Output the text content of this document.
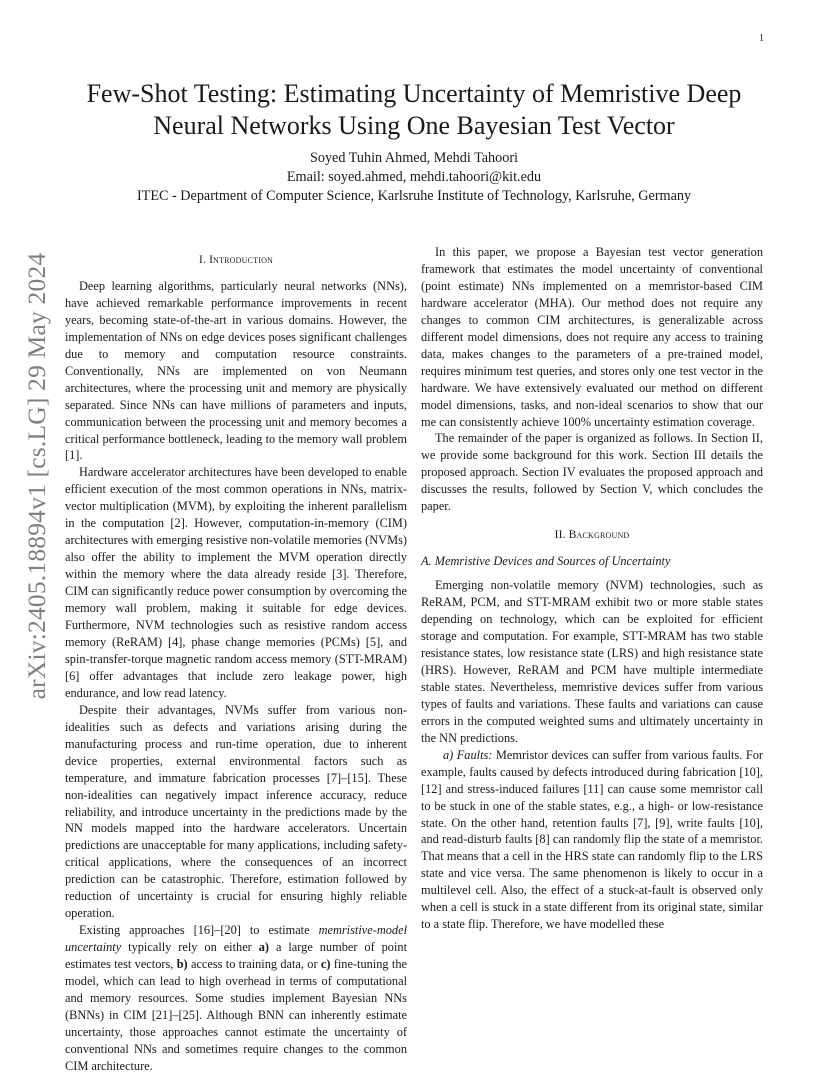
1
arXiv:2405.18894v1 [cs.LG] 29 May 2024
Few-Shot Testing: Estimating Uncertainty of Memristive Deep
Neural Networks Using One Bayesian Test Vector
Soyed Tuhin Ahmed, Mehdi Tahoori
Email: soyed.ahmed, mehdi.tahoori@kit.edu
ITEC - Department of Computer Science, Karlsruhe Institute of Technology, Karlsruhe, Germany
I. Introduction

Deep learning algorithms, particularly neural networks (NNs), have achieved remarkable performance improvements in recent years, becoming state-of-the-art in various domains. However, the implementation of NNs on edge devices poses significant challenges due to memory and computation resource constraints. Conventionally, NNs are implemented on von Neumann architectures, where the processing unit and memory are physically separated. Since NNs can have millions of parameters and inputs, communication between the processing unit and memory becomes a critical performance bottleneck, leading to the memory wall problem [1].

Hardware accelerator architectures have been developed to enable efficient execution of the most common operations in NNs, matrix-vector multiplication (MVM), by exploiting the inherent parallelism in the computation [2]. However, computation-in-memory (CIM) architectures with emerging resistive non-volatile memories (NVMs) also offer the ability to implement the MVM operation directly within the memory where the data already reside [3]. Therefore, CIM can significantly reduce power consumption by overcoming the memory wall problem, making it suitable for edge devices. Furthermore, NVM technologies such as resistive random access memory (ReRAM) [4], phase change memories (PCMs) [5], and spin-transfer-torque magnetic random access memory (STT-MRAM) [6] offer advantages that include zero leakage power, high endurance, and low read latency.

Despite their advantages, NVMs suffer from various non-idealities such as defects and variations arising during the manufacturing process and run-time operation, due to inherent device properties, external environmental factors such as temperature, and immature fabrication processes [7]–[15]. These non-idealities can negatively impact inference accuracy, reduce reliability, and introduce uncertainty in the predictions made by the NN models mapped into the hardware accelerators. Uncertain predictions are unacceptable for many applications, including safety-critical applications, where the consequences of an incorrect prediction can be catastrophic. Therefore, estimation followed by reduction of uncertainty is crucial for ensuring highly reliable operation.

Existing approaches [16]–[20] to estimate memristive-model uncertainty typically rely on either a) a large number of point estimates test vectors, b) access to training data, or c) fine-tuning the model, which can lead to high overhead in terms of computational and memory resources. Some studies implement Bayesian NNs (BNNs) in CIM [21]–[25]. Although BNN can inherently estimate uncertainty, those approaches cannot estimate the uncertainty of conventional NNs and sometimes require changes to the common CIM architecture.

In this paper, we propose a Bayesian test vector generation framework that estimates the model uncertainty of conventional (point estimate) NNs implemented on a memristor-based CIM hardware accelerator (MHA). Our method does not require any changes to common CIM architectures, is generalizable across different model dimensions, does not require any access to training data, makes changes to the parameters of a pre-trained model, requires minimum test queries, and stores only one test vector in the hardware. We have extensively evaluated our method on different model dimensions, tasks, and non-ideal scenarios to show that our me can consistently achieve 100% uncertainty estimation coverage.

The remainder of the paper is organized as follows. In Section II, we provide some background for this work. Section III details the proposed approach. Section IV evaluates the proposed approach and discusses the results, followed by Section V, which concludes the paper.

II. Background
A. Memristive Devices and Sources of Uncertainty

Emerging non-volatile memory (NVM) technologies, such as ReRAM, PCM, and STT-MRAM exhibit two or more stable states depending on technology, which can be exploited for efficient storage and computation. For example, STT-MRAM has two stable resistance states, low resistance state (LRS) and high resistance state (HRS). However, ReRAM and PCM have multiple intermediate stable states. Nevertheless, memristive devices suffer from various types of faults and variations. These faults and variations can cause errors in the computed weighted sums and ultimately uncertainty in the NN predictions.

a) Faults: Memristor devices can suffer from various faults. For example, faults caused by defects introduced during fabrication [10], [12] and stress-induced failures [11] can cause some memristor call to be stuck in one of the stable states, e.g., a high- or low-resistance state. On the other hand, retention faults [7], [9], write faults [10], and read-disturb faults [8] can randomly flip the state of a memristor. That means that a cell in the HRS state can randomly flip to the LRS state and vice versa. The same phenomenon is likely to occur in a multilevel cell. Also, the effect of a stuck-at-fault is observed only when a cell is stuck in a state different from its original state, similar to a state flip. Therefore, we have modelled these
